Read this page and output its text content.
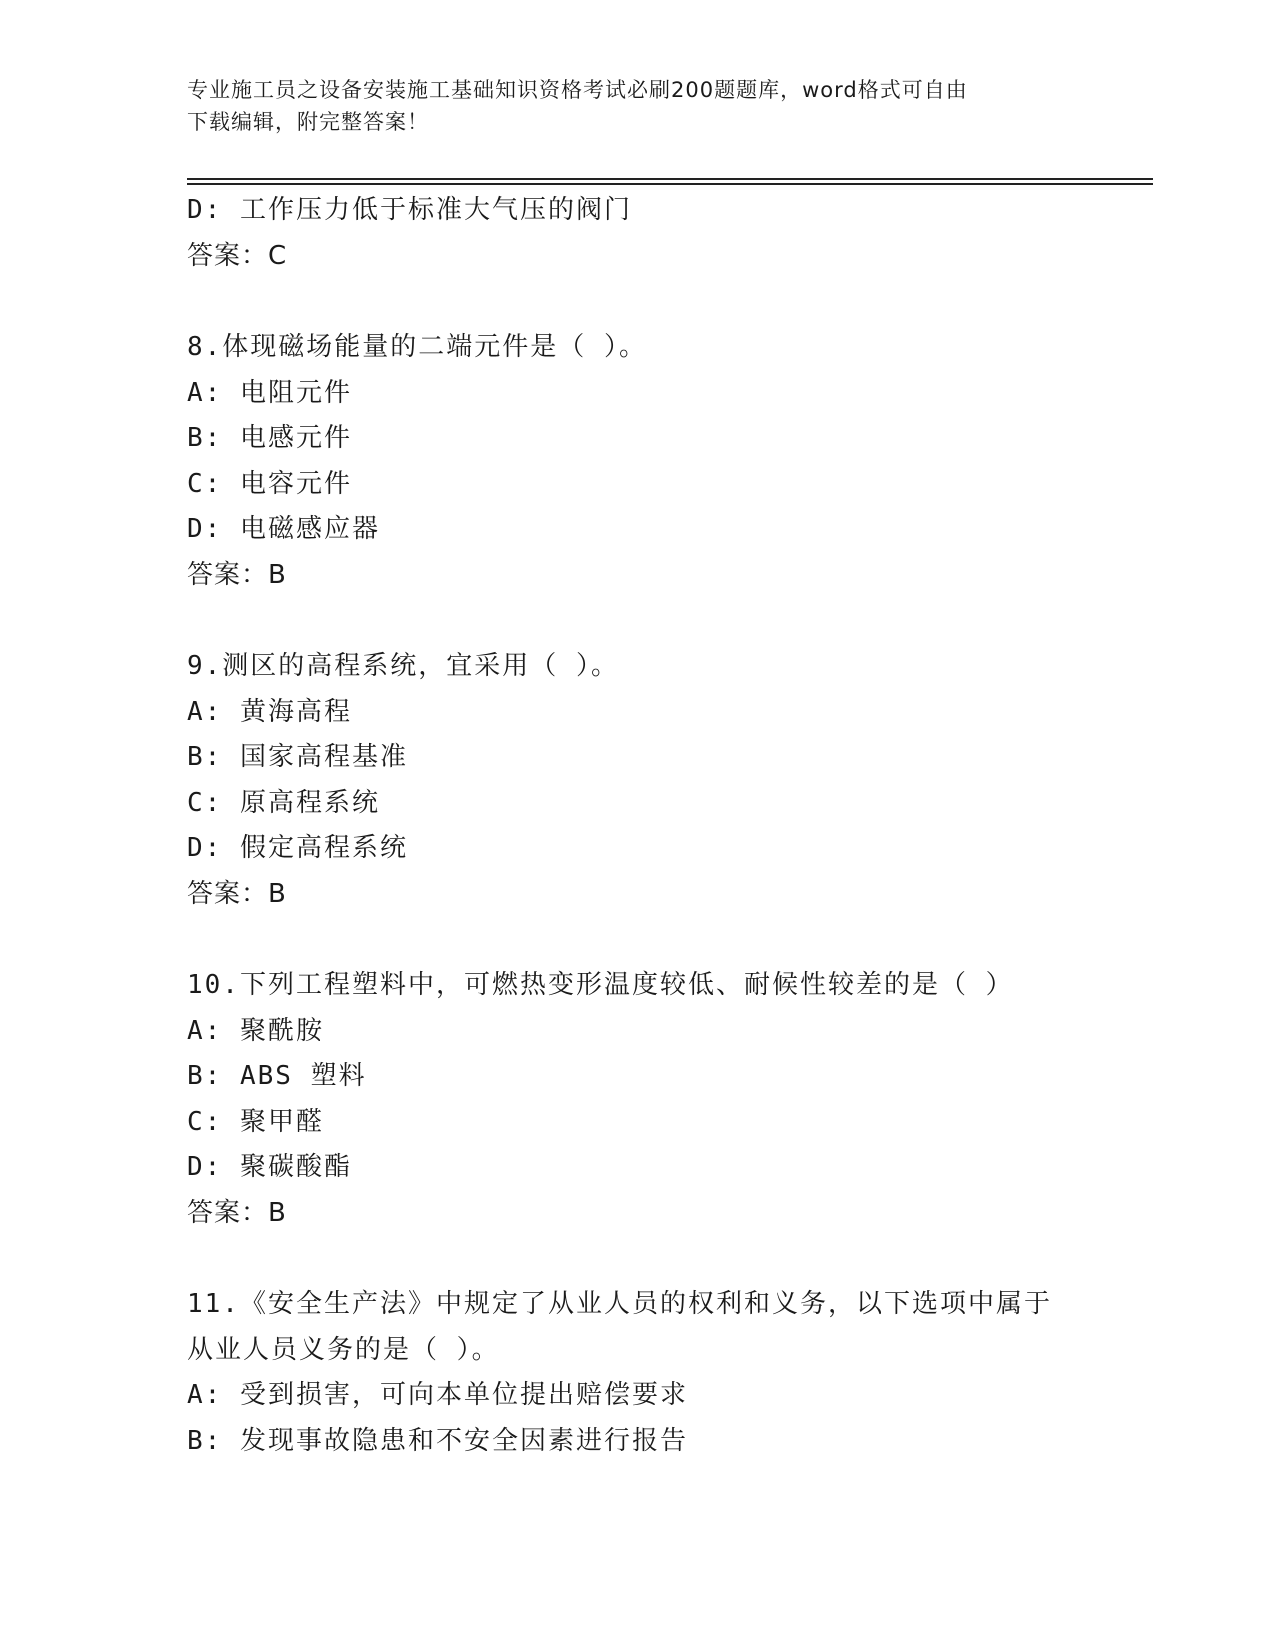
专业施工员之设备安装施工基础知识资格考试必刷200题题库，word格式可自由
下载编辑，附完整答案！
D: 工作压力低于标准大气压的阀门
答案：C
8.体现磁场能量的二端元件是（ ）。
A: 电阻元件
B: 电感元件
C: 电容元件
D: 电磁感应器
答案：B
9.测区的高程系统，宜采用（ ）。
A: 黄海高程
B: 国家高程基准
C: 原高程系统
D: 假定高程系统
答案：B
10.下列工程塑料中，可燃热变形温度较低、耐候性较差的是（ ）
A: 聚酰胺
B: ABS 塑料
C: 聚甲醛
D: 聚碳酸酯
答案：B
11.《安全生产法》中规定了从业人员的权利和义务，以下选项中属于
从业人员义务的是（ ）。
A: 受到损害，可向本单位提出赔偿要求
B: 发现事故隐患和不安全因素进行报告
